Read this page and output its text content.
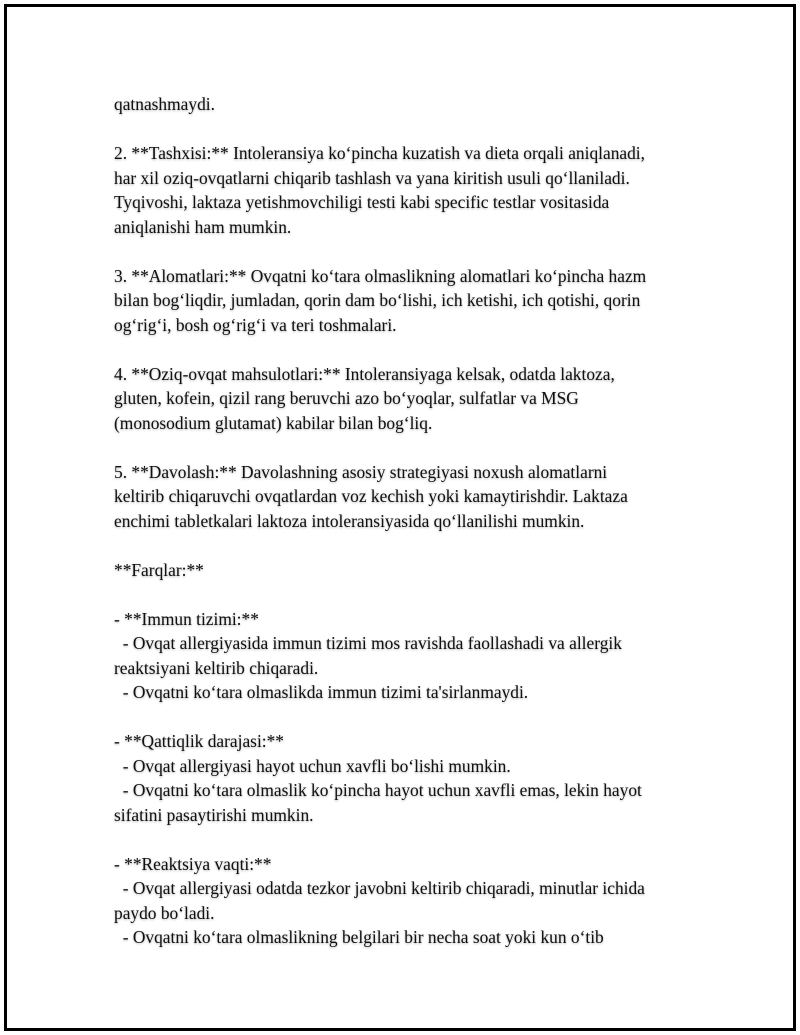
qatnashmaydi.
2. **Tashxisi:** Intoleransiya ko‘pincha kuzatish va dieta orqali aniqlanadi,
har xil oziq-ovqatlarni chiqarib tashlash va yana kiritish usuli qo‘llaniladi.
Tyqivoshi, laktaza yetishmovchiligi testi kabi specific testlar vositasida
aniqlanishi ham mumkin.
3. **Alomatlari:** Ovqatni ko‘tara olmaslikning alomatlari ko‘pincha hazm
bilan bog‘liqdir, jumladan, qorin dam bo‘lishi, ich ketishi, ich qotishi, qorin
og‘rig‘i, bosh og‘rig‘i va teri toshmalari.
4. **Oziq-ovqat mahsulotlari:** Intoleransiyaga kelsak, odatda laktoza,
gluten, kofein, qizil rang beruvchi azo bo‘yoqlar, sulfatlar va MSG
(monosodium glutamat) kabilar bilan bog‘liq.
5. **Davolash:** Davolashning asosiy strategiyasi noxush alomatlarni
keltirib chiqaruvchi ovqatlardan voz kechish yoki kamaytirishdir. Laktaza
enchimi tabletkalari laktoza intoleransiyasida qo‘llanilishi mumkin.
**Farqlar:**
- **Immun tizimi:**
- Ovqat allergiyasida immun tizimi mos ravishda faollashadi va allergik
reaktsiyani keltirib chiqaradi.
- Ovqatni ko‘tara olmaslikda immun tizimi ta'sirlanmaydi.
- **Qattiqlik darajasi:**
- Ovqat allergiyasi hayot uchun xavfli bo‘lishi mumkin.
- Ovqatni ko‘tara olmaslik ko‘pincha hayot uchun xavfli emas, lekin hayot
sifatini pasaytirishi mumkin.
- **Reaktsiya vaqti:**
- Ovqat allergiyasi odatda tezkor javobni keltirib chiqaradi, minutlar ichida
paydo bo‘ladi.
- Ovqatni ko‘tara olmaslikning belgilari bir necha soat yoki kun o‘tib
